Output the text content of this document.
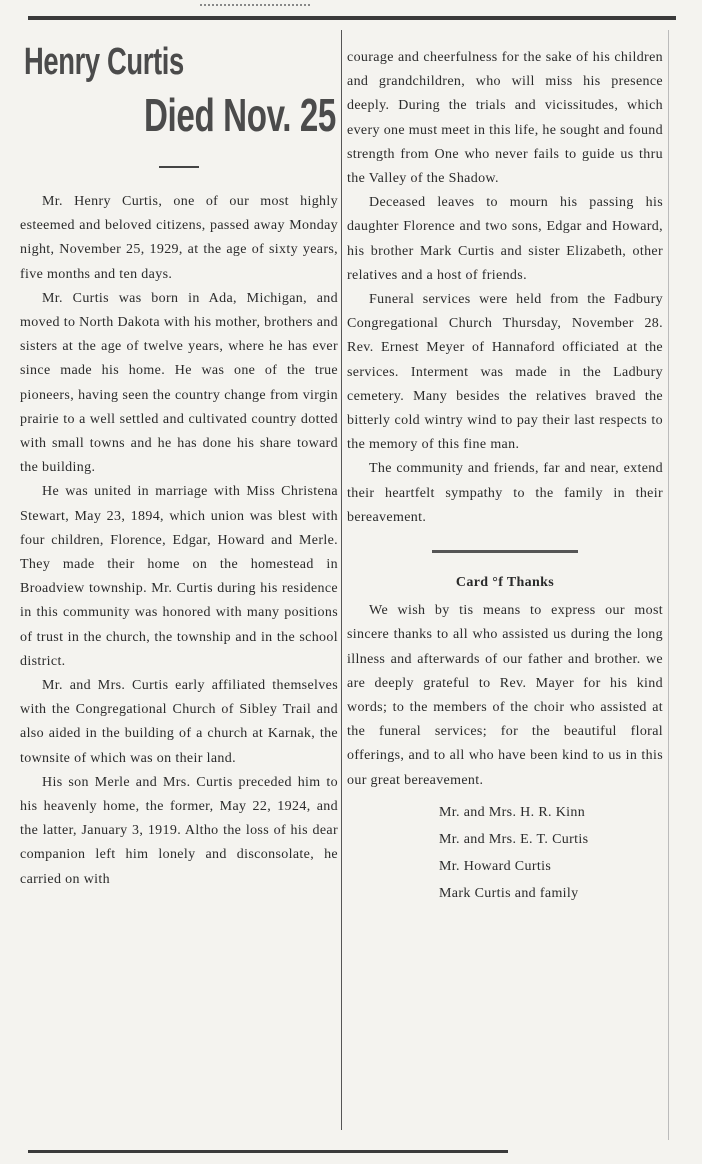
Henry Curtis
Died Nov. 25

Mr. Henry Curtis, one of our most highly esteemed and beloved citizens, passed away Monday night, November 25, 1929, at the age of sixty years, five months and ten days.

Mr. Curtis was born in Ada, Michigan, and moved to North Dakota with his mother, brothers and sisters at the age of twelve years, where he has ever since made his home. He was one of the true pioneers, having seen the country change from virgin prairie to a well settled and cultivated country dotted with small towns and he has done his share toward the building.

He was united in marriage with Miss Christena Stewart, May 23, 1894, which union was blest with four children, Florence, Edgar, Howard and Merle. They made their home on the homestead in Broadview township. Mr. Curtis during his residence in this community was honored with many positions of trust in the church, the township and in the school district.

Mr. and Mrs. Curtis early affiliated themselves with the Congregational Church of Sibley Trail and also aided in the building of a church at Karnak, the townsite of which was on their land.

His son Merle and Mrs. Curtis preceded him to his heavenly home, the former, May 22, 1924, and the latter, January 3, 1919. Altho the loss of his dear companion left him lonely and disconsolate, he carried on with

courage and cheerfulness for the sake of his children and grandchildren, who will miss his presence deeply. During the trials and vicissitudes, which every one must meet in this life, he sought and found strength from One who never fails to guide us thru the Valley of the Shadow.

Deceased leaves to mourn his passing his daughter Florence and two sons, Edgar and Howard, his brother Mark Curtis and sister Elizabeth, other relatives and a host of friends.

Funeral services were held from the Fadbury Congregational Church Thursday, November 28. Rev. Ernest Meyer of Hannaford officiated at the services. Interment was made in the Ladbury cemetery. Many besides the relatives braved the bitterly cold wintry wind to pay their last respects to the memory of this fine man.

The community and friends, far and near, extend their heartfelt sympathy to the family in their bereavement.

Card °f Thanks

We wish by tis means to express our most sincere thanks to all who assisted us during the long illness and afterwards of our father and brother. we are deeply grateful to Rev. Mayer for his kind words; to the members of the choir who assisted at the funeral services; for the beautiful floral offerings, and to all who have been kind to us in this our great bereavement.

Mr. and Mrs. H. R. Kinn
Mr. and Mrs. E. T. Curtis
Mr. Howard Curtis
Mark Curtis and family
